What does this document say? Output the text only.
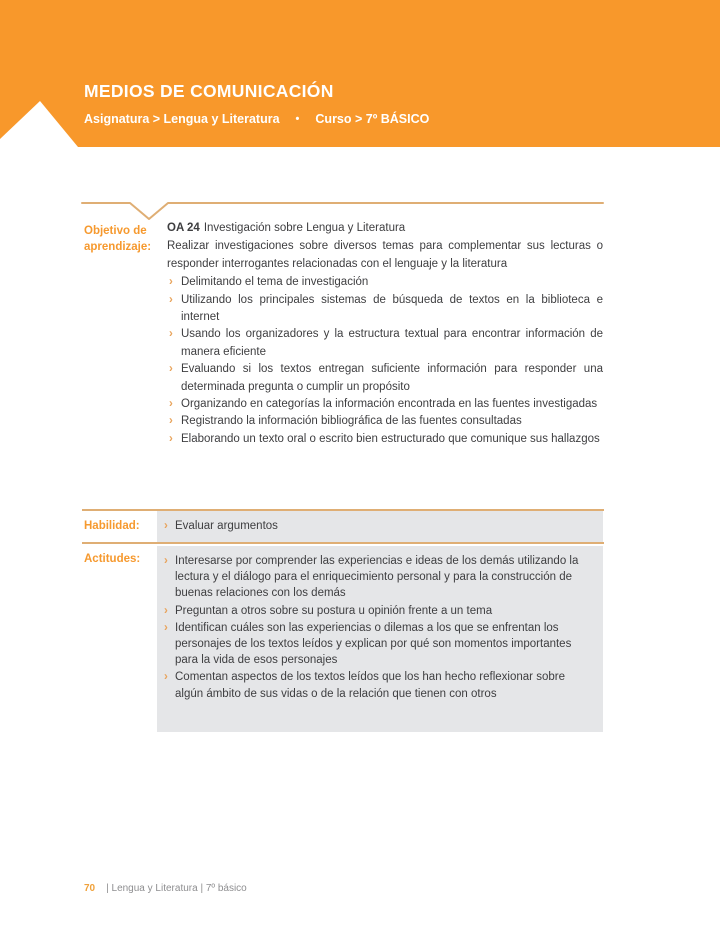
MEDIOS DE COMUNICACIÓN
Asignatura > Lengua y Literatura • Curso > 7º BÁSICO
Objetivo de aprendizaje:

OA 24 Investigación sobre Lengua y Literatura

Realizar investigaciones sobre diversos temas para complementar sus lecturas o responder interrogantes relacionadas con el lenguaje y la literatura

› Delimitando el tema de investigación
› Utilizando los principales sistemas de búsqueda de textos en la biblioteca e internet
› Usando los organizadores y la estructura textual para encontrar información de manera eficiente
› Evaluando si los textos entregan suficiente información para responder una determinada pregunta o cumplir un propósito
› Organizando en categorías la información encontrada en las fuentes investigadas
› Registrando la información bibliográfica de las fuentes consultadas
› Elaborando un texto oral o escrito bien estructurado que comunique sus hallazgos
Habilidad:	› Evaluar argumentos
Actitudes:	› Interesarse por comprender las experiencias e ideas de los demás utilizando la lectura y el diálogo para el enriquecimiento personal y para la construcción de buenas relaciones con los demás
› Preguntan a otros sobre su postura u opinión frente a un tema
› Identifican cuáles son las experiencias o dilemas a los que se enfrentan los personajes de los textos leídos y explican por qué son momentos importantes para la vida de esos personajes
› Comentan aspectos de los textos leídos que los han hecho reflexionar sobre algún ámbito de sus vidas o de la relación que tienen con otros
70 | Lengua y Literatura | 7º básico
